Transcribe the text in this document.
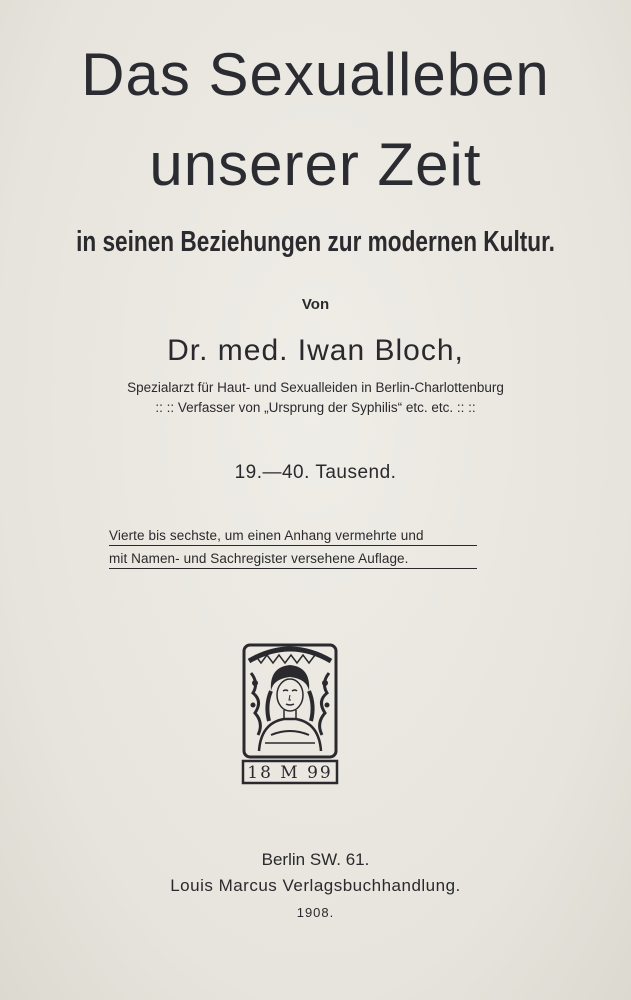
Das Sexualleben
unserer Zeit
in seinen Beziehungen zur modernen Kultur.
Von
Dr. med. Iwan Bloch,
Spezialarzt für Haut- und Sexualleiden in Berlin-Charlottenburg
:: :: Verfasser von „Ursprung der Syphilis“ etc. etc. :: ::
19.—40. Tausend.
Vierte bis sechste, um einen Anhang vermehrte und
mit Namen- und Sachregister versehene Auflage.
18 M 99
Berlin SW. 61.
Louis Marcus Verlagsbuchhandlung.
1908.
